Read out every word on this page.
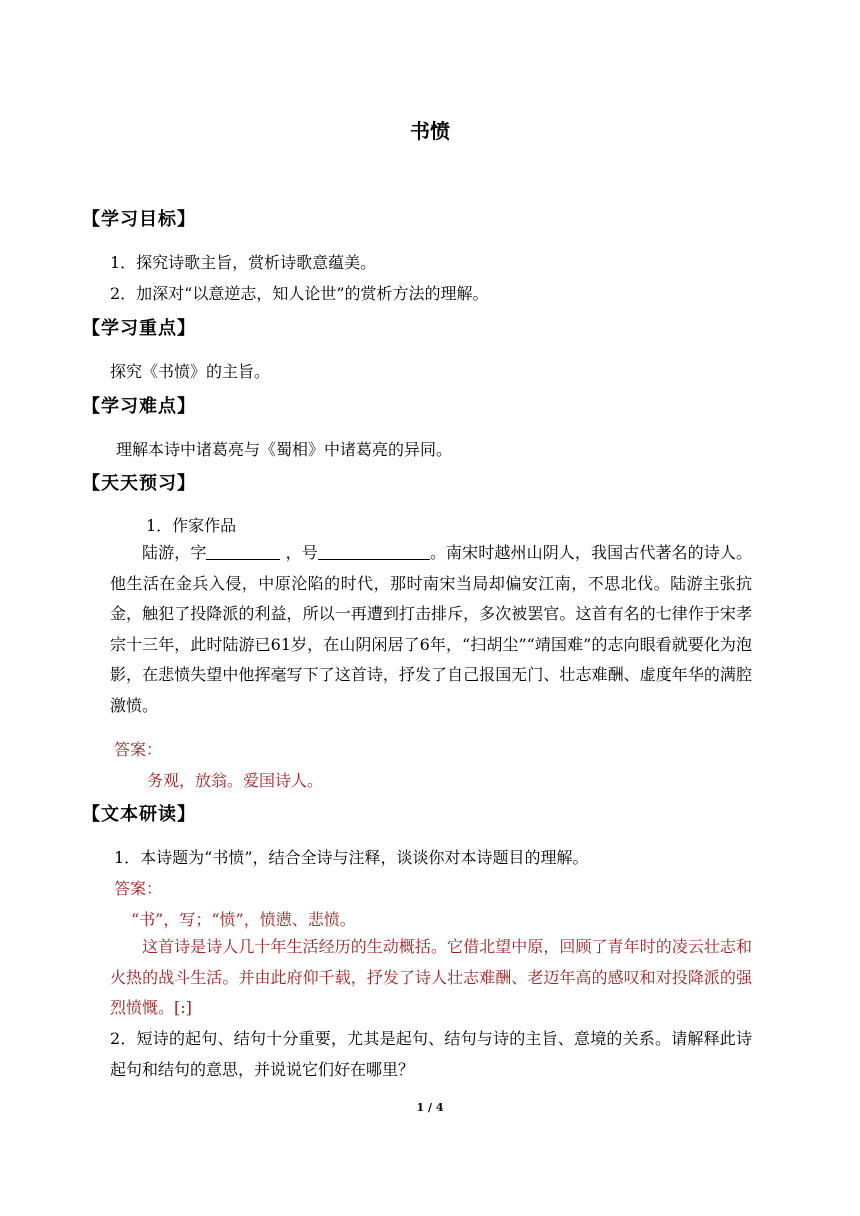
书愤
【学习目标】
1．探究诗歌主旨，赏析诗歌意蕴美。
2．加深对“以意逆志，知人论世”的赏析方法的理解。
【学习重点】
探究《书愤》的主旨。
【学习难点】
理解本诗中诸葛亮与《蜀相》中诸葛亮的异同。
【天天预习】
1．作家作品
陆游，字	，号	。南宋时越州山阴人，我国古代著名的诗人。他生活在金兵入侵，中原沦陷的时代，那时南宋当局却偏安江南，不思北伐。陆游主张抗金，触犯了投降派的利益，所以一再遭到打击排斥，多次被罢官。这首有名的七律作于宋孝宗十三年，此时陆游已61岁，在山阴闲居了6年，“扫胡尘”“靖国难”的志向眼看就要化为泡影，在悲愤失望中他挥毫写下了这首诗，抒发了自己报国无门、壮志难酬、虚度年华的满腔激愤。
答案：
务观，放翁。爱国诗人。
【文本研读】
1．本诗题为“书愤”，结合全诗与注释，谈谈你对本诗题目的理解。
答案：
“书”，写；“愤”，愤懑、悲愤。
这首诗是诗人几十年生活经历的生动概括。它借北望中原，回顾了青年时的凌云壮志和火热的战斗生活。并由此府仰千载，抒发了诗人壮志难酬、老迈年高的感叹和对投降派的强烈愤慨。[:]
2．短诗的起句、结句十分重要，尤其是起句、结句与诗的主旨、意境的关系。请解释此诗起句和结句的意思，并说说它们好在哪里？
1 / 4
